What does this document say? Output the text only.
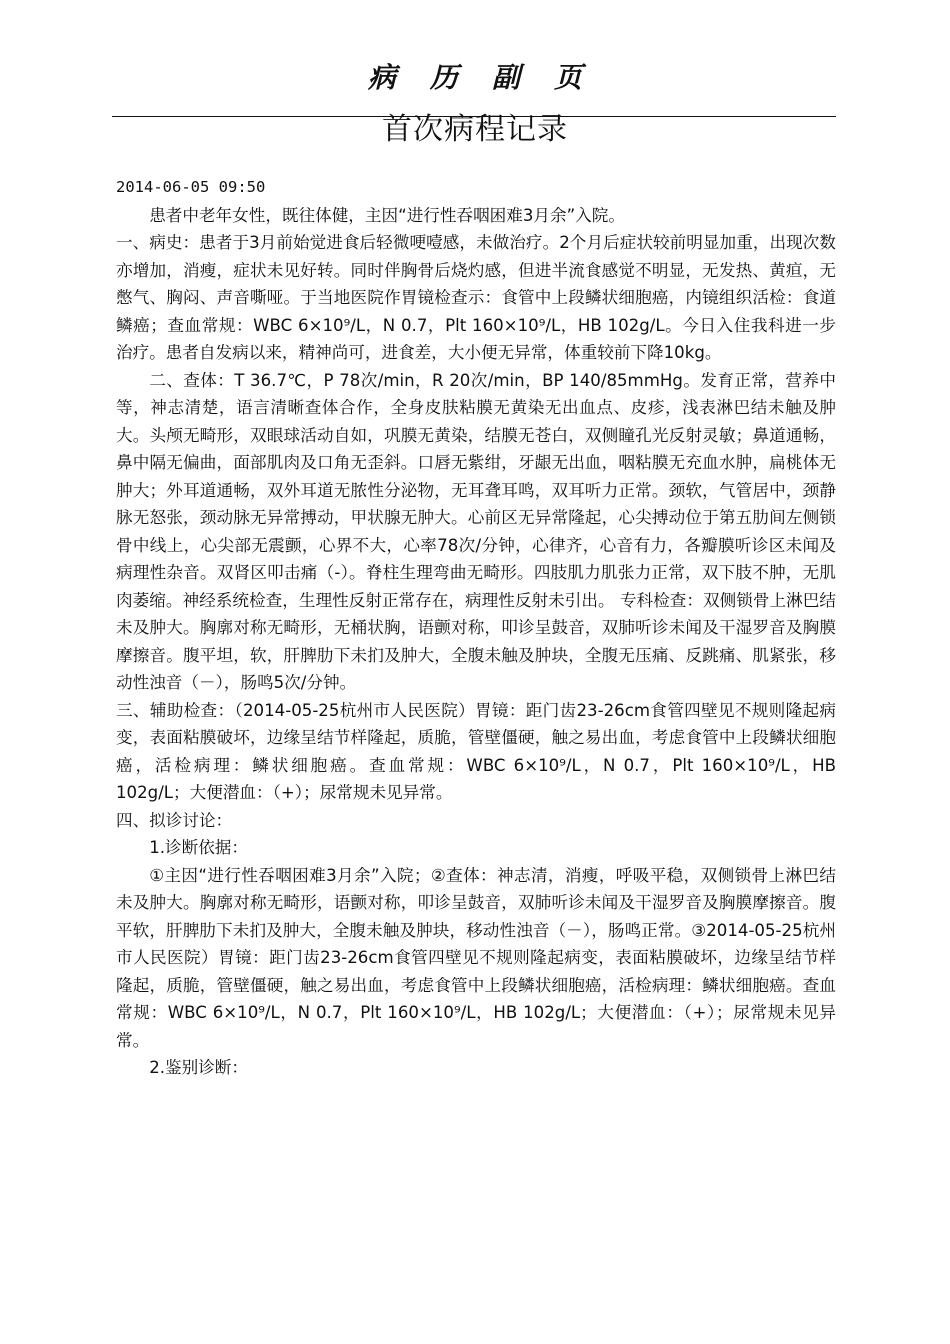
病历副页
首次病程记录

2014-06-05 09:50

患者中老年女性，既往体健，主因“进行性吞咽困难3月余”入院。

一、病史：患者于3月前始觉进食后轻微哽噎感，未做治疗。2个月后症状较前明显加重，出现次数亦增加，消瘦，症状未见好转。同时伴胸骨后烧灼感，但进半流食感觉不明显，无发热、黄疸，无憋气、胸闷、声音嘶哑。于当地医院作胃镜检查示：食管中上段鳞状细胞癌，内镜组织活检：食道鳞癌；查血常规：WBC 6×10⁹/L，N 0.7，Plt 160×10⁹/L，HB 102g/L。今日入住我科进一步治疗。患者自发病以来，精神尚可，进食差，大小便无异常，体重较前下降10kg。

二、查体：T 36.7℃，P 78次/min，R 20次/min，BP 140/85mmHg。发育正常，营养中等，神志清楚，语言清晰查体合作，全身皮肤粘膜无黄染无出血点、皮疹，浅表淋巴结未触及肿大。头颅无畸形，双眼球活动自如，巩膜无黄染，结膜无苍白，双侧瞳孔光反射灵敏；鼻道通畅，鼻中隔无偏曲，面部肌肉及口角无歪斜。口唇无紫绀，牙龈无出血，咽粘膜无充血水肿，扁桃体无肿大；外耳道通畅，双外耳道无脓性分泌物，无耳聋耳鸣，双耳听力正常。颈软，气管居中，颈静脉无怒张，颈动脉无异常搏动，甲状腺无肿大。心前区无异常隆起，心尖搏动位于第五肋间左侧锁骨中线上，心尖部无震颤，心界不大，心率78次/分钟，心律齐，心音有力，各瓣膜听诊区未闻及病理性杂音。双肾区叩击痛（-）。脊柱生理弯曲无畸形。四肢肌力肌张力正常，双下肢不肿，无肌肉萎缩。神经系统检查，生理性反射正常存在，病理性反射未引出。 专科检查：双侧锁骨上淋巴结未及肿大。胸廓对称无畸形，无桶状胸，语颤对称，叩诊呈鼓音，双肺听诊未闻及干湿罗音及胸膜摩擦音。腹平坦，软，肝脾肋下未扪及肿大，全腹未触及肿块，全腹无压痛、反跳痛、肌紧张，移动性浊音（－），肠鸣5次/分钟。

三、辅助检查：（2014-05-25杭州市人民医院）胃镜：距门齿23-26cm食管四壁见不规则隆起病变，表面粘膜破坏，边缘呈结节样隆起，质脆，管壁僵硬，触之易出血，考虑食管中上段鳞状细胞癌，活检病理：鳞状细胞癌。查血常规：WBC 6×10⁹/L，N 0.7，Plt 160×10⁹/L，HB 102g/L；大便潜血：（+）；尿常规未见异常。

四、拟诊讨论：

1.诊断依据：

①主因“进行性吞咽困难3月余”入院；②查体：神志清，消瘦，呼吸平稳，双侧锁骨上淋巴结未及肿大。胸廓对称无畸形，语颤对称，叩诊呈鼓音，双肺听诊未闻及干湿罗音及胸膜摩擦音。腹平软，肝脾肋下未扪及肿大，全腹未触及肿块，移动性浊音（－），肠鸣正常。③2014-05-25杭州市人民医院）胃镜：距门齿23-26cm食管四壁见不规则隆起病变，表面粘膜破坏，边缘呈结节样隆起，质脆，管壁僵硬，触之易出血，考虑食管中上段鳞状细胞癌，活检病理：鳞状细胞癌。查血常规：WBC 6×10⁹/L，N 0.7，Plt 160×10⁹/L，HB 102g/L；大便潜血：（+）；尿常规未见异常。

2.鉴别诊断：
